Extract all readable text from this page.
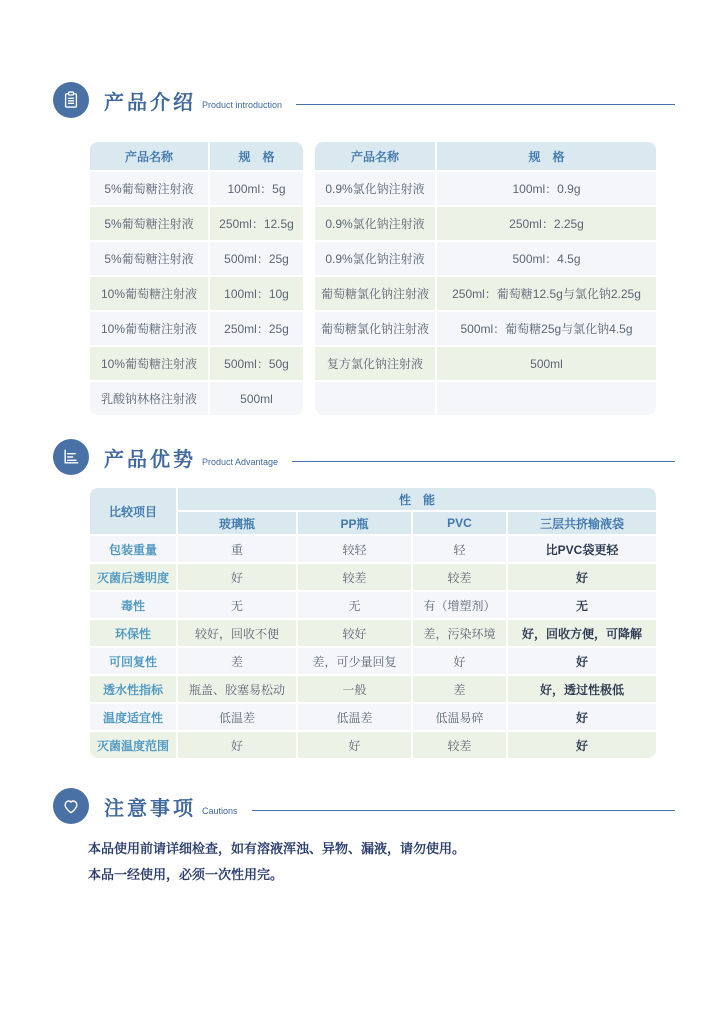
产品介绍 Product introduction
产品名称	规　格
5%葡萄糖注射液	100ml：5g
5%葡萄糖注射液	250ml：12.5g
5%葡萄糖注射液	500ml：25g
10%葡萄糖注射液	100ml：10g
10%葡萄糖注射液	250ml：25g
10%葡萄糖注射液	500ml：50g
乳酸钠林格注射液	500ml
产品名称	规　格
0.9%氯化钠注射液	100ml：0.9g
0.9%氯化钠注射液	250ml：2.25g
0.9%氯化钠注射液	500ml：4.5g
葡萄糖氯化钠注射液	250ml：葡萄糖12.5g与氯化钠2.25g
葡萄糖氯化钠注射液	500ml：葡萄糖25g与氯化钠4.5g
复方氯化钠注射液	500ml

产品优势 Product Advantage
比较项目	性　能			
	玻璃瓶	PP瓶	PVC	三层共挤输液袋
包装重量	重	较轻	轻	比PVC袋更轻
灭菌后透明度	好	较差	较差	好
毒性	无	无	有（增塑剂）	无
环保性	较好，回收不便	较好	差，污染环境	好，回收方便，可降解
可回复性	差	差，可少量回复	好	好
透水性指标	瓶盖、胶塞易松动	一般	差	好，透过性极低
温度适宜性	低温差	低温差	低温易碎	好
灭菌温度范围	好	好	较差	好
注意事项 Cautions
本品使用前请详细检查，如有溶液浑浊、异物、漏液，请勿使用。
本品一经使用，必须一次性用完。
